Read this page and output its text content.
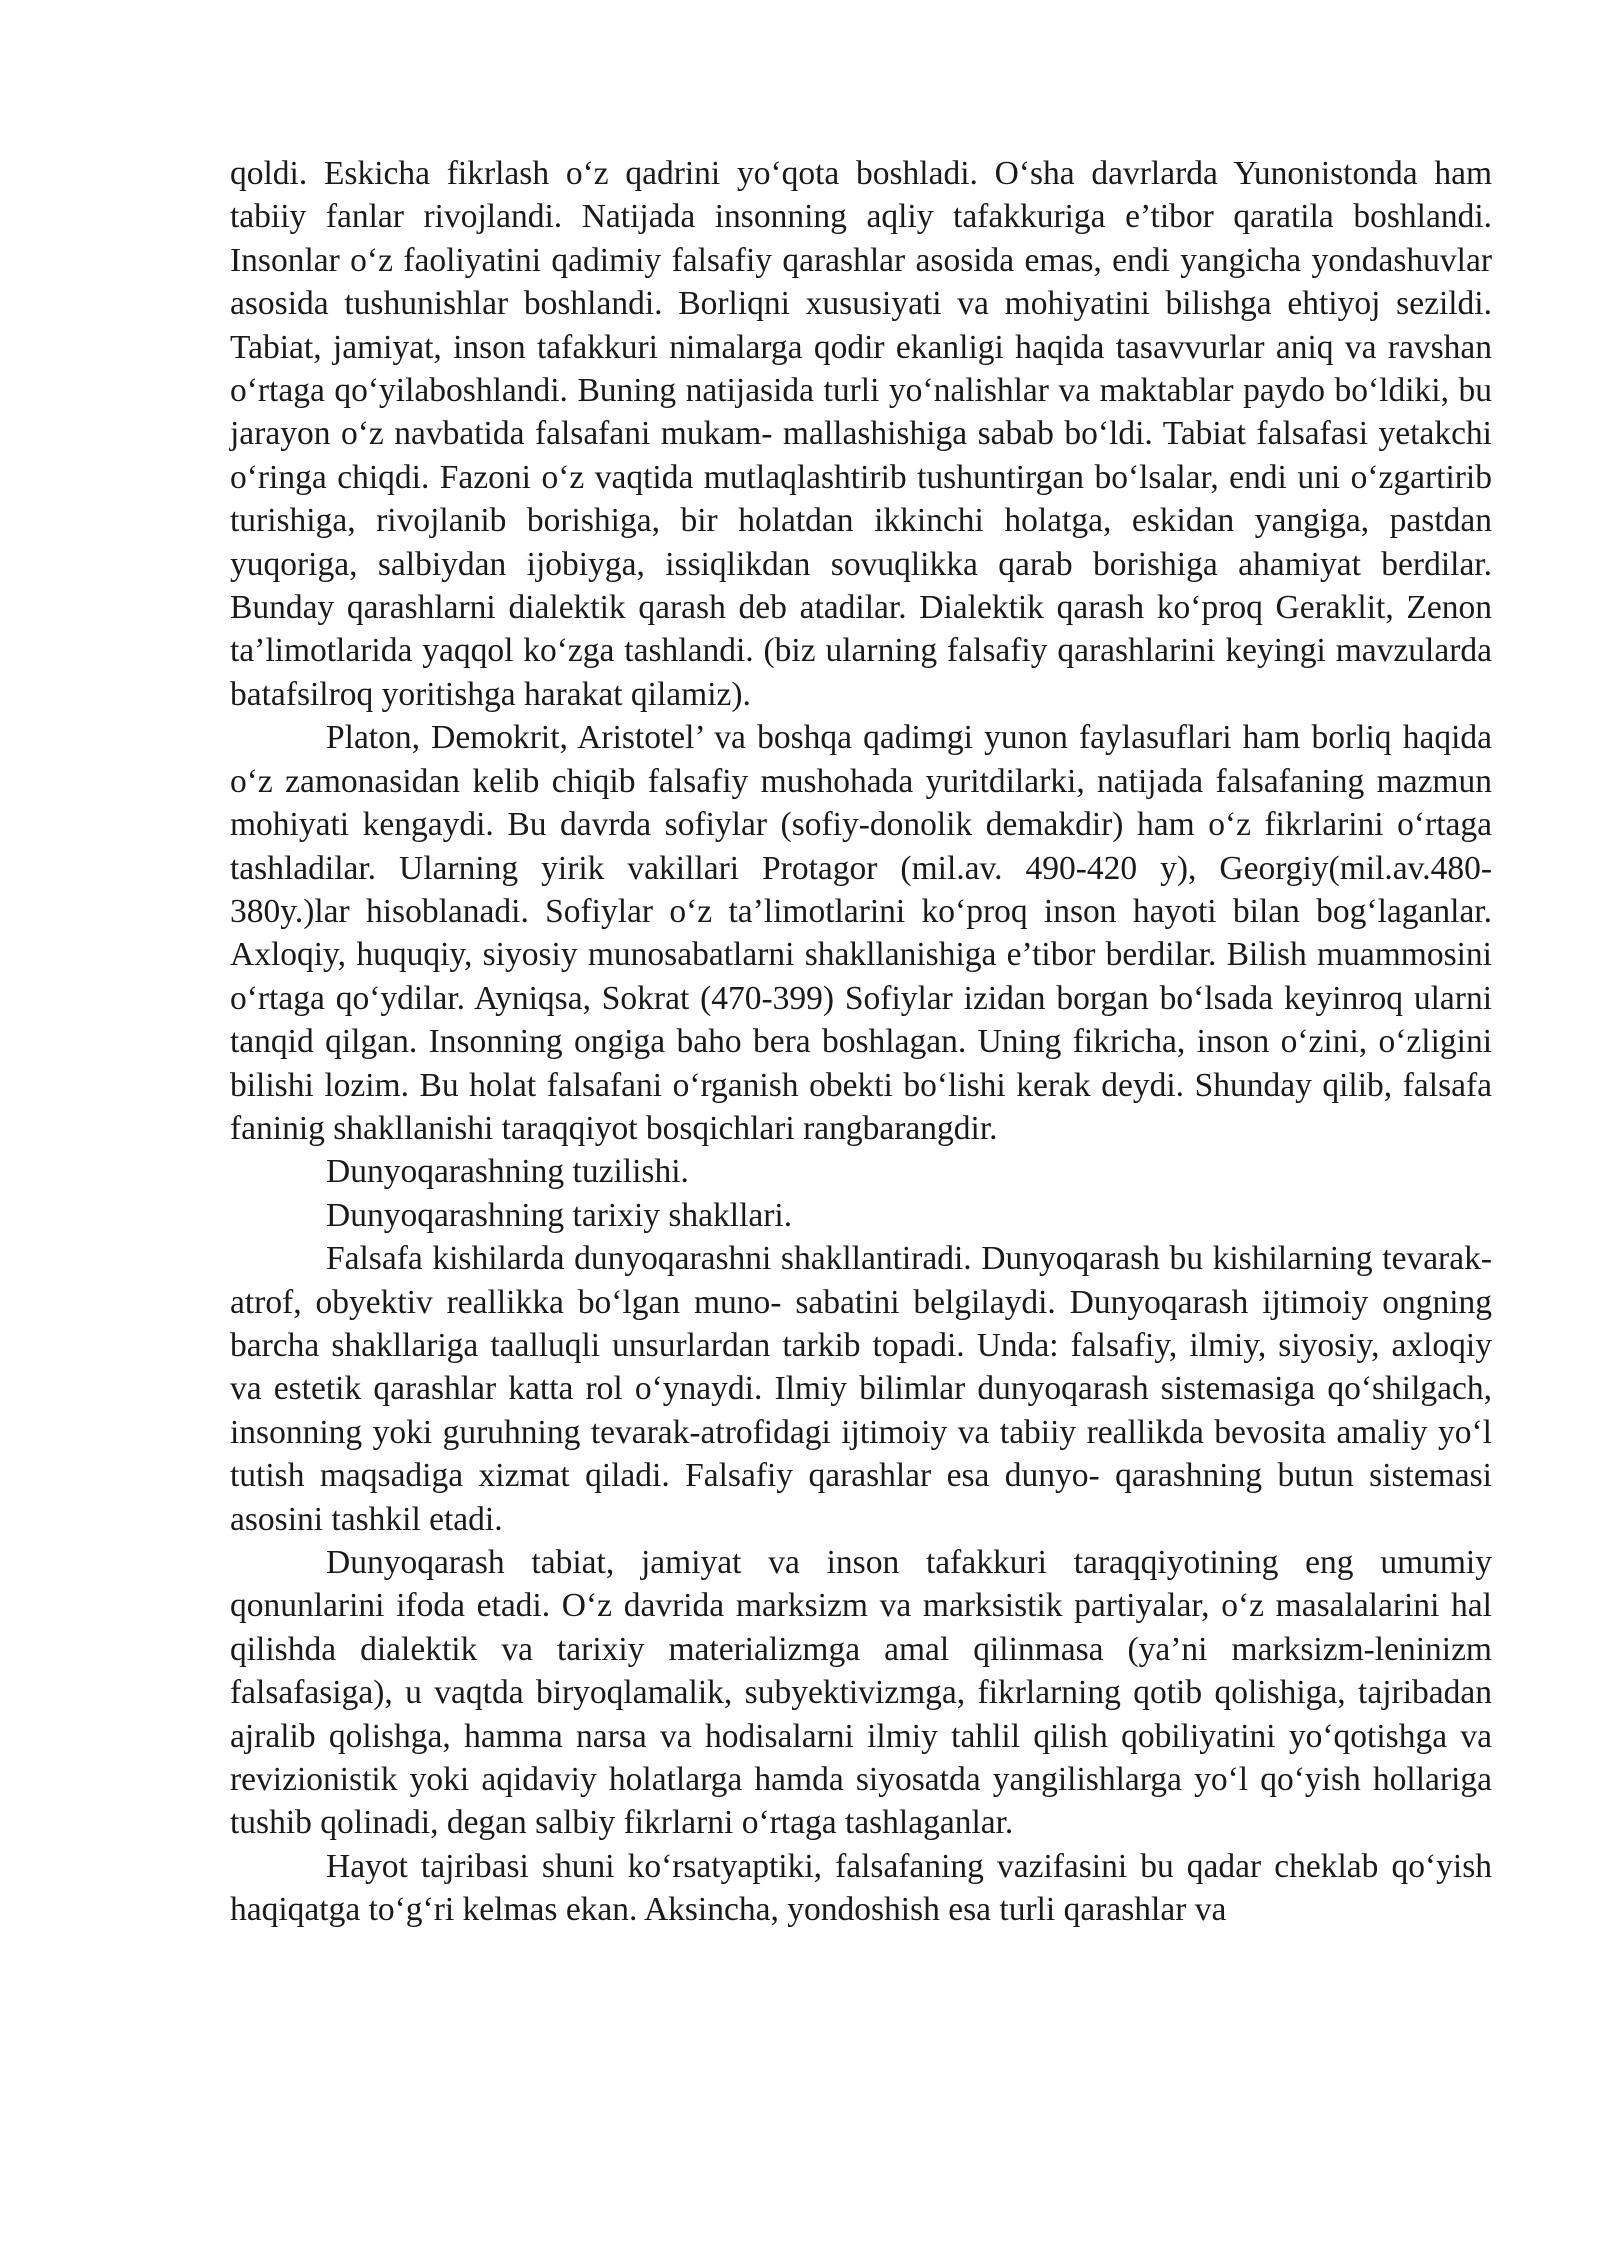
qoldi. Eskicha fikrlash oʻz qadrini yoʻqota boshladi. Oʻsha davrlarda Yunonistonda ham tabiiy fanlar rivojlandi. Natijada insonning aqliy tafakkuriga e’tibor qaratila boshlandi. Insonlar oʻz faoliyatini qadimiy falsafiy qarashlar asosida emas, endi yangicha yondashuvlar asosida tushunishlar boshlandi. Borliqni xususiyati va mohiyatini bilishga ehtiyoj sezildi. Tabiat, jamiyat, inson tafakkuri nimalarga qodir ekanligi haqida tasavvurlar aniq va ravshan oʻrtaga qoʻyilaboshlandi. Buning natijasida turli yoʻnalishlar va maktablar paydo boʻldiki, bu jarayon oʻz navbatida falsafani mukam- mallashishiga sabab boʻldi. Tabiat falsafasi yetakchi oʻringa chiqdi. Fazoni oʻz vaqtida mutlaqlashtirib tushuntirgan boʻlsalar, endi uni oʻzgartirib turishiga, rivojlanib borishiga, bir holatdan ikkinchi holatga, eskidan yangiga, pastdan yuqoriga, salbiydan ijobiyga, issiqlikdan sovuqlikka qarab borishiga ahamiyat berdilar. Bunday qarashlarni dialektik qarash deb atadilar. Dialektik qarash koʻproq Geraklit, Zenon ta’limotlarida yaqqol koʻzga tashlandi. (biz ularning falsafiy qarashlarini keyingi mavzularda batafsilroq yoritishga harakat qilamiz).

Platon, Demokrit, Aristotel’ va boshqa qadimgi yunon faylasuflari ham borliq haqida oʻz zamonasidan kelib chiqib falsafiy mushohada yuritdilarki, natijada falsafaning mazmun mohiyati kengaydi. Bu davrda sofiylar (sofiy-donolik demakdir) ham oʻz fikrlarini oʻrtaga tashladilar. Ularning yirik vakillari Protagor (mil.av. 490-420 y), Georgiy(mil.av.480-380y.)lar hisoblanadi. Sofiylar oʻz ta’limotlarini koʻproq inson hayoti bilan bogʻlaganlar. Axloqiy, huquqiy, siyosiy munosabatlarni shakllanishiga e’tibor berdilar. Bilish muammosini oʻrtaga qoʻydilar. Ayniqsa, Sokrat (470-399) Sofiylar izidan borgan boʻlsada keyinroq ularni tanqid qilgan. Insonning ongiga baho bera boshlagan. Uning fikricha, inson oʻzini, oʻzligini bilishi lozim. Bu holat falsafani oʻrganish obekti boʻlishi kerak deydi. Shunday qilib, falsafa faninig shakllanishi taraqqiyot bosqichlari rangbarangdir.

Dunyoqarashning tuzilishi.

Dunyoqarashning tarixiy shakllari.

Falsafa kishilarda dunyoqarashni shakllantiradi. Dunyoqarash bu kishilarning tevarak-atrof, obyektiv reallikka boʻlgan muno- sabatini belgilaydi. Dunyoqarash ijtimoiy ongning barcha shakllariga taalluqli unsurlardan tarkib topadi. Unda: falsafiy, ilmiy, siyosiy, axloqiy va estetik qarashlar katta rol oʻynaydi. Ilmiy bilimlar dunyoqarash sistemasiga qoʻshilgach, insonning yoki guruhning tevarak-atrofidagi ijtimoiy va tabiiy reallikda bevosita amaliy yoʻl tutish maqsadiga xizmat qiladi. Falsafiy qarashlar esa dunyo- qarashning butun sistemasi asosini tashkil etadi.

Dunyoqarash tabiat, jamiyat va inson tafakkuri taraqqiyotining eng umumiy qonunlarini ifoda etadi. Oʻz davrida marksizm va marksistik partiyalar, oʻz masalalarini hal qilishda dialektik va tarixiy materializmga amal qilinmasa (ya’ni marksizm-leninizm falsafasiga), u vaqtda biryoqlamalik, subyektivizmga, fikrlarning qotib qolishiga, tajribadan ajralib qolishga, hamma narsa va hodisalarni ilmiy tahlil qilish qobiliyatini yoʻqotishga va revizionistik yoki aqidaviy holatlarga hamda siyosatda yangilishlarga yoʻl qoʻyish hollariga tushib qolinadi, degan salbiy fikrlarni oʻrtaga tashlaganlar.

Hayot tajribasi shuni koʻrsatyaptiki, falsafaning vazifasini bu qadar cheklab qoʻyish haqiqatga toʻgʻri kelmas ekan. Aksincha, yondoshish esa turli qarashlar va
